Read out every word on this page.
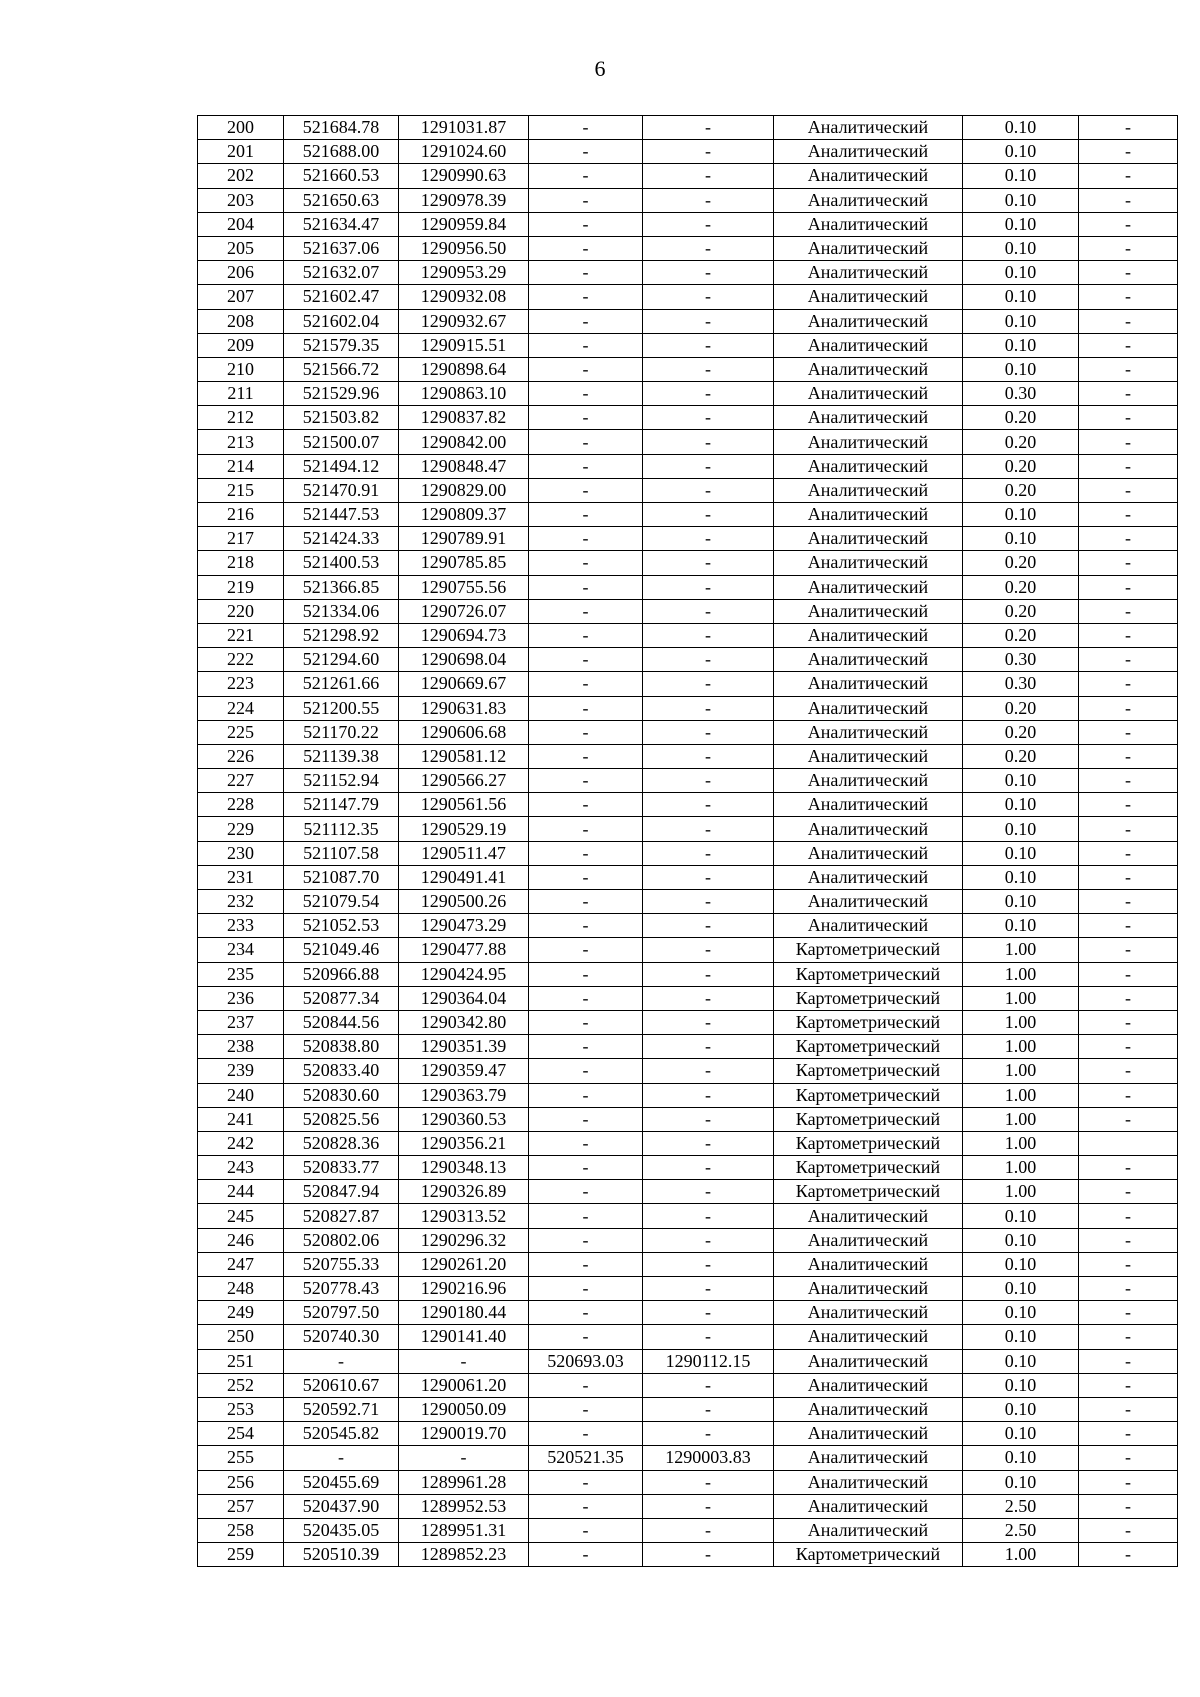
6
200	521684.78	1291031.87	-	-	Аналитический	0.10	-
201	521688.00	1291024.60	-	-	Аналитический	0.10	-
202	521660.53	1290990.63	-	-	Аналитический	0.10	-
203	521650.63	1290978.39	-	-	Аналитический	0.10	-
204	521634.47	1290959.84	-	-	Аналитический	0.10	-
205	521637.06	1290956.50	-	-	Аналитический	0.10	-
206	521632.07	1290953.29	-	-	Аналитический	0.10	-
207	521602.47	1290932.08	-	-	Аналитический	0.10	-
208	521602.04	1290932.67	-	-	Аналитический	0.10	-
209	521579.35	1290915.51	-	-	Аналитический	0.10	-
210	521566.72	1290898.64	-	-	Аналитический	0.10	-
211	521529.96	1290863.10	-	-	Аналитический	0.30	-
212	521503.82	1290837.82	-	-	Аналитический	0.20	-
213	521500.07	1290842.00	-	-	Аналитический	0.20	-
214	521494.12	1290848.47	-	-	Аналитический	0.20	-
215	521470.91	1290829.00	-	-	Аналитический	0.20	-
216	521447.53	1290809.37	-	-	Аналитический	0.10	-
217	521424.33	1290789.91	-	-	Аналитический	0.10	-
218	521400.53	1290785.85	-	-	Аналитический	0.20	-
219	521366.85	1290755.56	-	-	Аналитический	0.20	-
220	521334.06	1290726.07	-	-	Аналитический	0.20	-
221	521298.92	1290694.73	-	-	Аналитический	0.20	-
222	521294.60	1290698.04	-	-	Аналитический	0.30	-
223	521261.66	1290669.67	-	-	Аналитический	0.30	-
224	521200.55	1290631.83	-	-	Аналитический	0.20	-
225	521170.22	1290606.68	-	-	Аналитический	0.20	-
226	521139.38	1290581.12	-	-	Аналитический	0.20	-
227	521152.94	1290566.27	-	-	Аналитический	0.10	-
228	521147.79	1290561.56	-	-	Аналитический	0.10	-
229	521112.35	1290529.19	-	-	Аналитический	0.10	-
230	521107.58	1290511.47	-	-	Аналитический	0.10	-
231	521087.70	1290491.41	-	-	Аналитический	0.10	-
232	521079.54	1290500.26	-	-	Аналитический	0.10	-
233	521052.53	1290473.29	-	-	Аналитический	0.10	-
234	521049.46	1290477.88	-	-	Картометрический	1.00	-
235	520966.88	1290424.95	-	-	Картометрический	1.00	-
236	520877.34	1290364.04	-	-	Картометрический	1.00	-
237	520844.56	1290342.80	-	-	Картометрический	1.00	-
238	520838.80	1290351.39	-	-	Картометрический	1.00	-
239	520833.40	1290359.47	-	-	Картометрический	1.00	-
240	520830.60	1290363.79	-	-	Картометрический	1.00	-
241	520825.56	1290360.53	-	-	Картометрический	1.00	-
242	520828.36	1290356.21	-	-	Картометрический	1.00	
243	520833.77	1290348.13	-	-	Картометрический	1.00	-
244	520847.94	1290326.89	-	-	Картометрический	1.00	-
245	520827.87	1290313.52	-	-	Аналитический	0.10	-
246	520802.06	1290296.32	-	-	Аналитический	0.10	-
247	520755.33	1290261.20	-	-	Аналитический	0.10	-
248	520778.43	1290216.96	-	-	Аналитический	0.10	-
249	520797.50	1290180.44	-	-	Аналитический	0.10	-
250	520740.30	1290141.40	-	-	Аналитический	0.10	-
251	-	-	520693.03	1290112.15	Аналитический	0.10	-
252	520610.67	1290061.20	-	-	Аналитический	0.10	-
253	520592.71	1290050.09	-	-	Аналитический	0.10	-
254	520545.82	1290019.70	-	-	Аналитический	0.10	-
255	-	-	520521.35	1290003.83	Аналитический	0.10	-
256	520455.69	1289961.28	-	-	Аналитический	0.10	-
257	520437.90	1289952.53	-	-	Аналитический	2.50	-
258	520435.05	1289951.31	-	-	Аналитический	2.50	-
259	520510.39	1289852.23	-	-	Картометрический	1.00	-
